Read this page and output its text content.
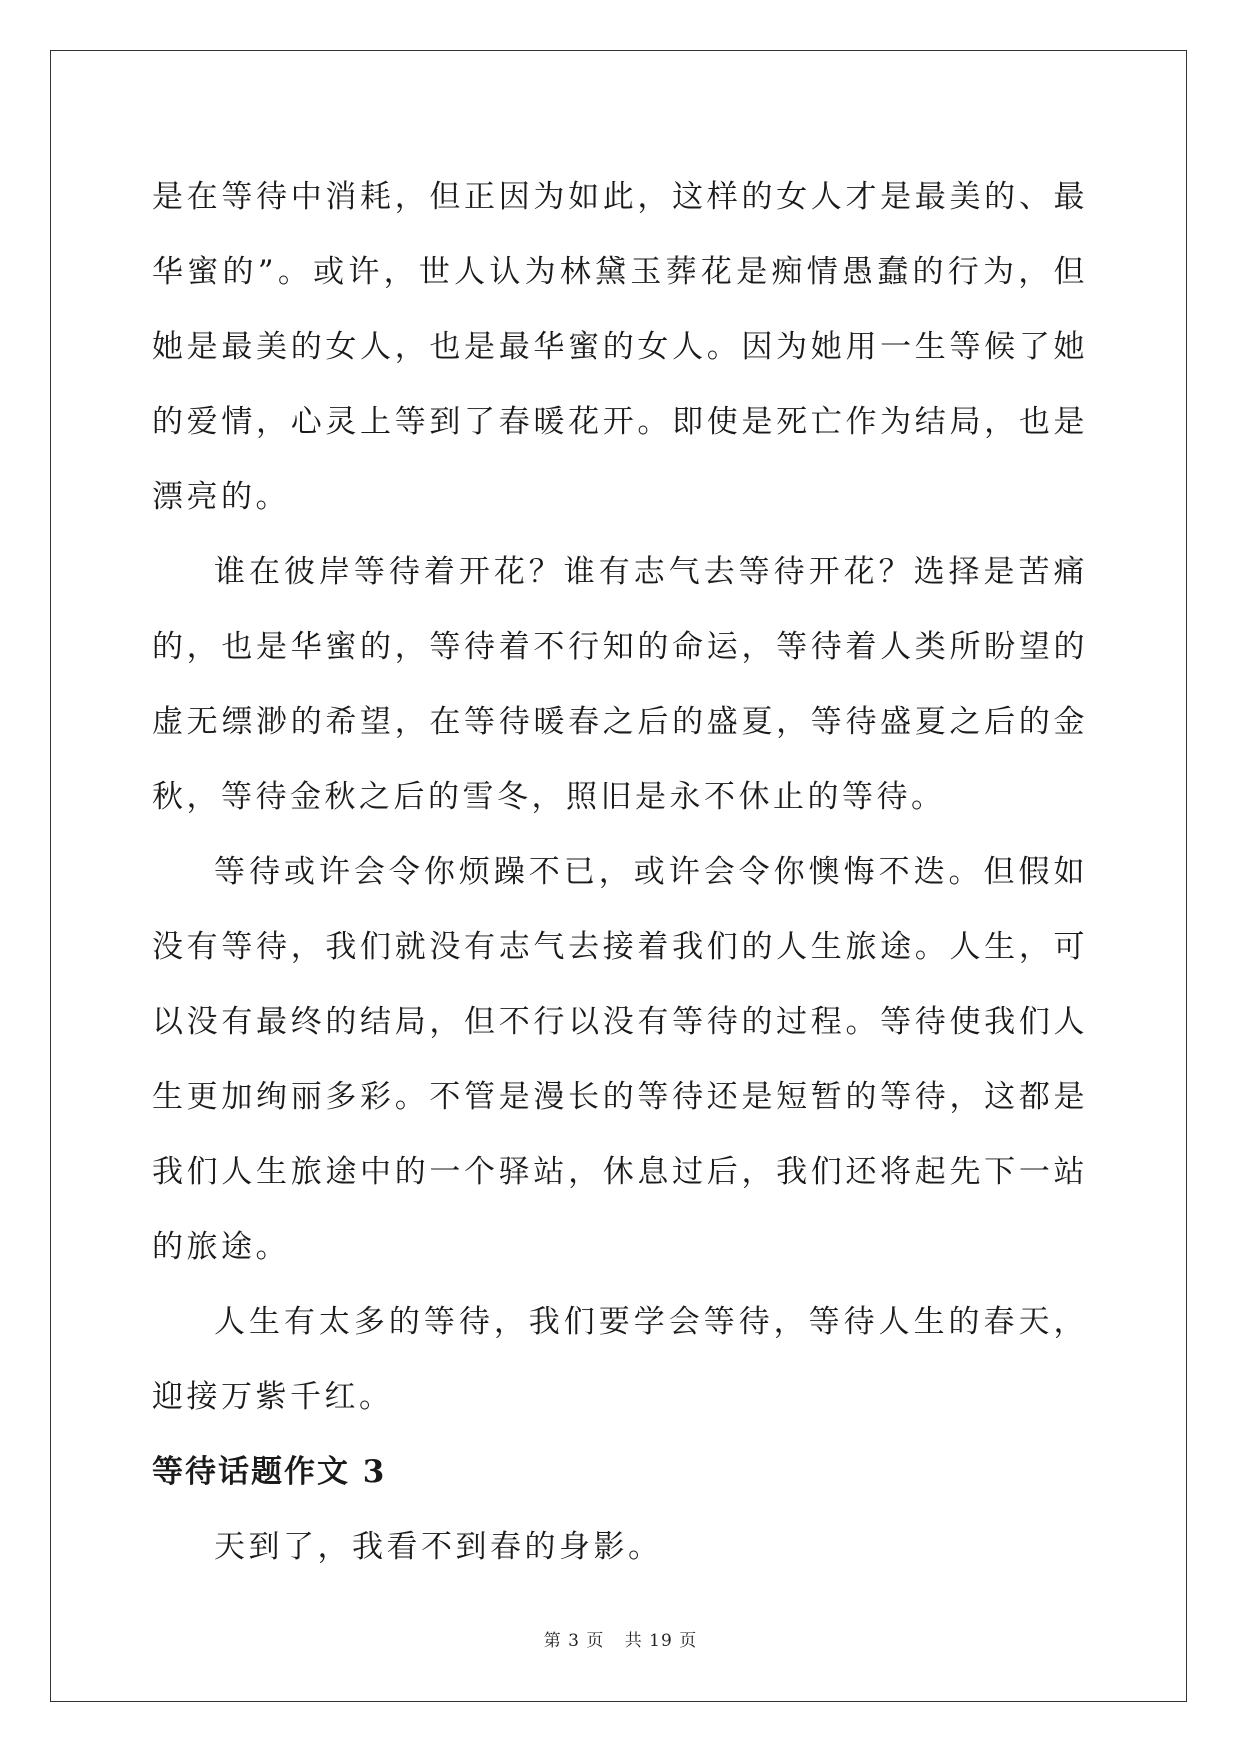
是在等待中消耗，但正因为如此，这样的女人才是最美的、最华蜜的”。或许，世人认为林黛玉葬花是痴情愚蠢的行为，但她是最美的女人，也是最华蜜的女人。因为她用一生等候了她的爱情，心灵上等到了春暖花开。即使是死亡作为结局，也是漂亮的。

谁在彼岸等待着开花？谁有志气去等待开花？选择是苦痛的，也是华蜜的，等待着不行知的命运，等待着人类所盼望的虚无缥渺的希望，在等待暖春之后的盛夏，等待盛夏之后的金秋，等待金秋之后的雪冬，照旧是永不休止的等待。

等待或许会令你烦躁不已，或许会令你懊悔不迭。但假如没有等待，我们就没有志气去接着我们的人生旅途。人生，可以没有最终的结局，但不行以没有等待的过程。等待使我们人生更加绚丽多彩。不管是漫长的等待还是短暂的等待，这都是我们人生旅途中的一个驿站，休息过后，我们还将起先下一站的旅途。

人生有太多的等待，我们要学会等待，等待人生的春天，迎接万紫千红。

等待话题作文 3

天到了，我看不到春的身影。

第 3 页 共 19 页
